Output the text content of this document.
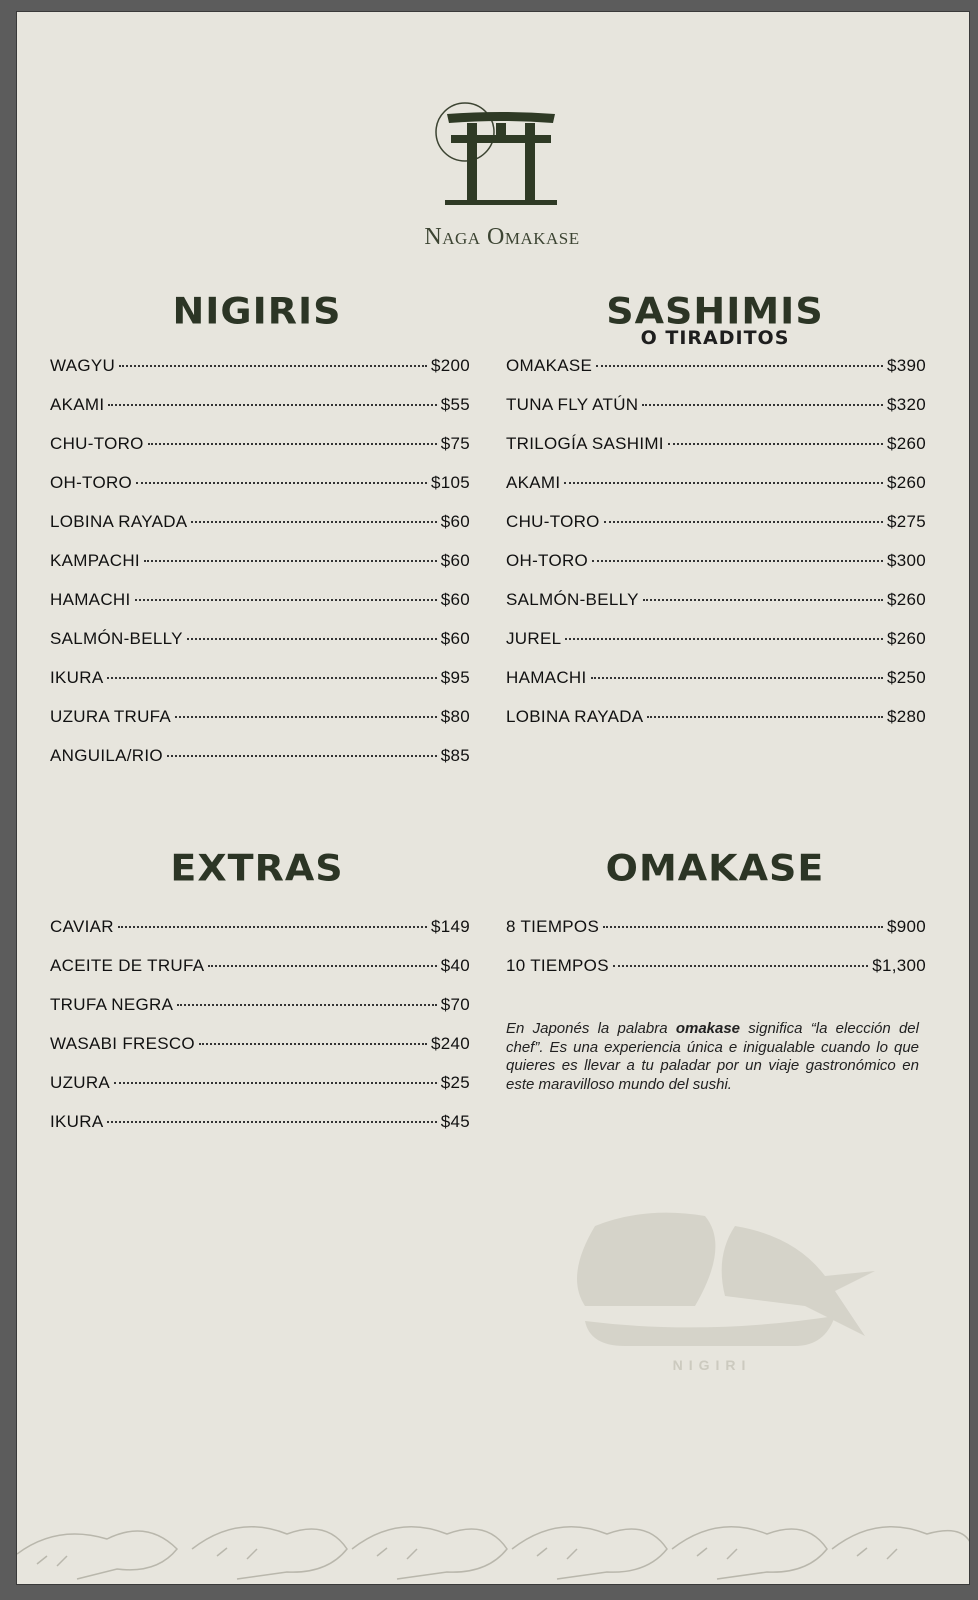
Naga Omakase
NIGIRIS
WAGYU	$200
AKAMI	$55
CHU-TORO	$75
OH-TORO	$105
LOBINA RAYADA	$60
KAMPACHI	$60
HAMACHI	$60
SALMÓN-BELLY	$60
IKURA	$95
UZURA TRUFA	$80
ANGUILA/RIO	$85
SASHIMIS
O TIRADITOS
OMAKASE	$390
TUNA FLY ATÚN	$320
TRILOGÍA SASHIMI	$260
AKAMI	$260
CHU-TORO	$275
OH-TORO	$300
SALMÓN-BELLY	$260
JUREL	$260
HAMACHI	$250
LOBINA RAYADA	$280
EXTRAS
CAVIAR	$149
ACEITE DE TRUFA	$40
TRUFA NEGRA	$70
WASABI FRESCO	$240
UZURA	$25
IKURA	$45
OMAKASE
8 TIEMPOS	$900
10 TIEMPOS	$1,300
En Japonés la palabra omakase significa “la elección del chef”. Es una experiencia única e inigualable cuando lo que quieres es llevar a tu paladar por un viaje gastronómico en este maravilloso mundo del sushi.
NIGIRI
